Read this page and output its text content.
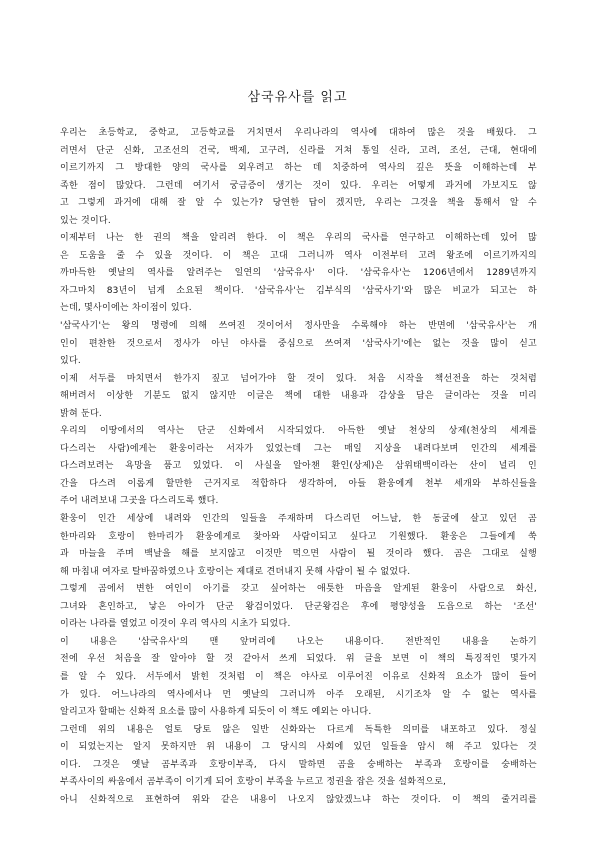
삼국유사를 읽고
우리는 초등학교, 중학교, 고등학교를 거치면서 우리나라의 역사에 대하여 많은 것을 배웠다. 그
러면서 단군 신화, 고조선의 건국, 백제, 고구려, 신라를 거쳐 통일 신라, 고려, 조선, 근대, 현대에
이르기까지 그 방대한 양의 국사를 외우려고 하는 데 치중하여 역사의 깊은 뜻을 이해하는데 부
족한 점이 많았다. 그런데 여기서 궁금증이 생기는 것이 있다. 우리는 어떻게 과거에 가보지도 않
고 그렇게 과거에 대해 잘 알 수 있는가? 당연한 답이 겠지만, 우리는 그것을 책을 통해서 알 수
있는 것이다.
이제부터 나는 한 권의 책을 알리려 한다. 이 책은 우리의 국사를 연구하고 이해하는데 있어 많
은 도움을 줄 수 있을 것이다. 이 책은 고대 그러니까 역사 이전부터 고려 왕조에 이르기까지의
까마득한 옛날의 역사를 알려주는 일연의 '삼국유사' 이다. '삼국유사'는 1206년에서 1289년까지
자그마치 83년이 넘게 소요된 책이다. '삼국유사'는 김부식의 '삼국사기'와 많은 비교가 되고는 하
는데, 몇사이에는 차이점이 있다.
'삼국사기'는 왕의 명령에 의해 쓰여진 것이어서 정사만을 수록해야 하는 반면에 '삼국유사'는 개
인이 편찬한 것으로서 정사가 아닌 야사를 중심으로 쓰여져 '삼국사기'에는 없는 것을 많이 싣고
있다.
이제 서두를 마치면서 한가지 짚고 넘어가야 할 것이 있다. 처음 시작을 책선전을 하는 것처럼
해버려서 이상한 기분도 없지 않지만 이글은 책에 대한 내용과 감상을 담은 글이라는 것을 미리
밝혀 둔다.
우리의 이땅에서의 역사는 단군 신화에서 시작되었다. 아득한 옛날 천상의 상제(천상의 세계를
다스리는 사람)에게는 환웅이라는 서자가 있었는데 그는 매일 지상을 내려다보며 인간의 세계를
다스려보려는 욕망을 품고 있었다. 이 사실을 알아챈 환인(상제)은 삼위태백이라는 산이 널리 인
간을 다스려 이롭게 할만한 근거지로 적합하다 생각하여, 아들 환웅에게 천부 세개와 부하신들을
주어 내려보내 그곳을 다스리도록 했다.
환웅이 인간 세상에 내려와 인간의 일들을 주재하며 다스리던 어느날, 한 동굴에 살고 있던 곰
한마리와 호랑이 한마리가 환웅에게로 찾아와 사람이되고 싶다고 기원했다. 환웅은 그들에게 쑥
과 마늘을 주며 백날을 해를 보지않고 이것만 먹으면 사람이 될 것이라 했다. 곰은 그대로 실행
해 마침내 여자로 탈바꿈하였으나 호랑이는 제대로 견뎌내지 못해 사람이 될 수 없었다.
그렇게 곰에서 변한 여인이 아기를 갖고 싶어하는 애틋한 마음을 알게된 환웅이 사람으로 화신,
그녀와 혼인하고, 낳은 아이가 단군 왕검이었다. 단군왕검은 후에 평양성을 도읍으로 하는 '조선'
이라는 나라를 열었고 이것이 우리 역사의 시초가 되었다.
이 내용은 '삼국유사'의 맨 앞머리에 나오는 내용이다. 전반적인 내용을 논하기
전에 우선 처음을 잘 알아야 할 것 같아서 쓰게 되었다. 위 글을 보면 이 책의 특징적인 몇가지
를 알 수 있다. 서두에서 밝힌 것처럼 이 책은 야사로 이루어진 이유로 신화적 요소가 많이 들어
가 있다. 어느나라의 역사에서나 먼 옛날의 그러니까 아주 오래된, 시기조차 알 수 없는 역사를
알리고자 할때는 신화적 요소를 많이 사용하게 되듯이 이 책도 예외는 아니다.
그런데 위의 내용은 얼토 당토 않은 일반 신화와는 다르게 독특한 의미를 내포하고 있다. 정실
이 되었는지는 알지 못하지만 위 내용이 그 당시의 사회에 있던 일들을 암시 해 주고 있다는 것
이다. 그것은 옛날 곰부족과 호랑이부족, 다시 말하면 곰을 숭배하는 부족과 호랑이를 숭배하는
부족사이의 싸움에서 곰부족이 이기게 되어 호랑이 부족을 누르고 정권을 잡은 것을 설화적으로,
아니 신화적으로 표현하여 위와 같은 내용이 나오지 않았겠느냐 하는 것이다. 이 책의 줄거리를
